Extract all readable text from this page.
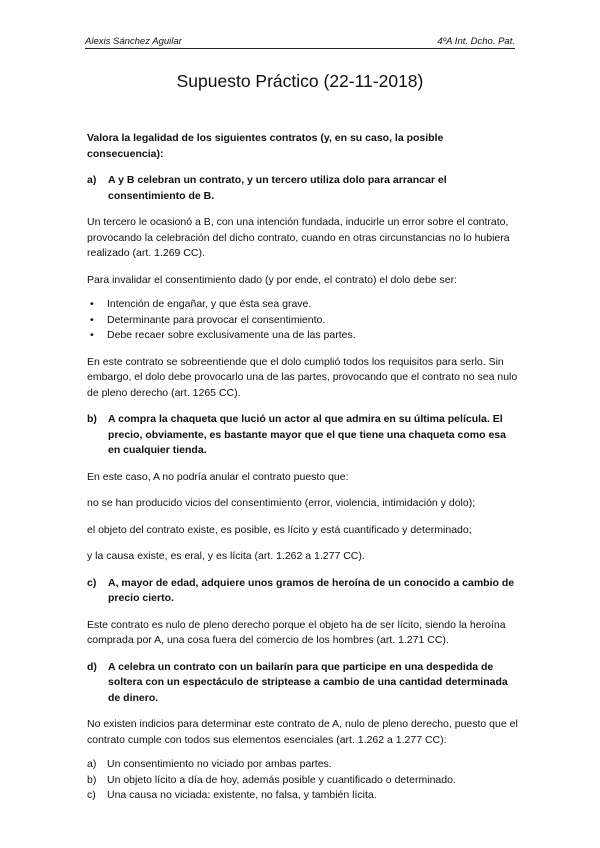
Alexis Sánchez Aguilar	4ºA Int. Dcho. Pat.
Supuesto Práctico (22-11-2018)

Valora la legalidad de los siguientes contratos (y, en su caso, la posible consecuencia):

a)	A y B celebran un contrato, y un tercero utiliza dolo para arrancar el consentimiento de B.

Un tercero le ocasionó a B, con una intención fundada, inducirle un error sobre el contrato, provocando la celebración del dicho contrato, cuando en otras circunstancias no lo hubiera realizado (art. 1.269 CC).

Para invalidar el consentimiento dado (y por ende, el contrato) el dolo debe ser:

•	Intención de engañar, y que ésta sea grave.
•	Determinante para provocar el consentimiento.
•	Debe recaer sobre exclusivamente una de las partes.

En este contrato se sobreentiende que el dolo cumplió todos los requisitos para serlo. Sin embargo, el dolo debe provocarlo una de las partes, provocando que el contrato no sea nulo de pleno derecho (art. 1265 CC).

b)	A compra la chaqueta que lució un actor al que admira en su última película. El precio, obviamente, es bastante mayor que el que tiene una chaqueta como esa en cualquier tienda.

En este caso, A no podría anular el contrato puesto que:

no se han producido vicios del consentimiento (error, violencia, intimidación y dolo);

el objeto del contrato existe, es posible, es lícito y está cuantificado y determinado;

y la causa existe, es eral, y es lícita (art. 1.262 a 1.277 CC).

c)	A, mayor de edad, adquiere unos gramos de heroína de un conocido a cambio de precio cierto.

Este contrato es nulo de pleno derecho porque el objeto ha de ser lícito, siendo la heroína comprada por A, una cosa fuera del comercio de los hombres (art. 1.271 CC).

d)	A celebra un contrato con un bailarín para que participe en una despedida de soltera con un espectáculo de striptease a cambio de una cantidad determinada de dinero.

No existen indicios para determinar este contrato de A, nulo de pleno derecho, puesto que el contrato cumple con todos sus elementos esenciales (art. 1.262 a 1.277 CC):

a)	Un consentimiento no viciado por ambas partes.
b)	Un objeto lícito a día de hoy, además posible y cuantificado o determinado.
c)	Una causa no viciada: existente, no falsa, y también lícita.
